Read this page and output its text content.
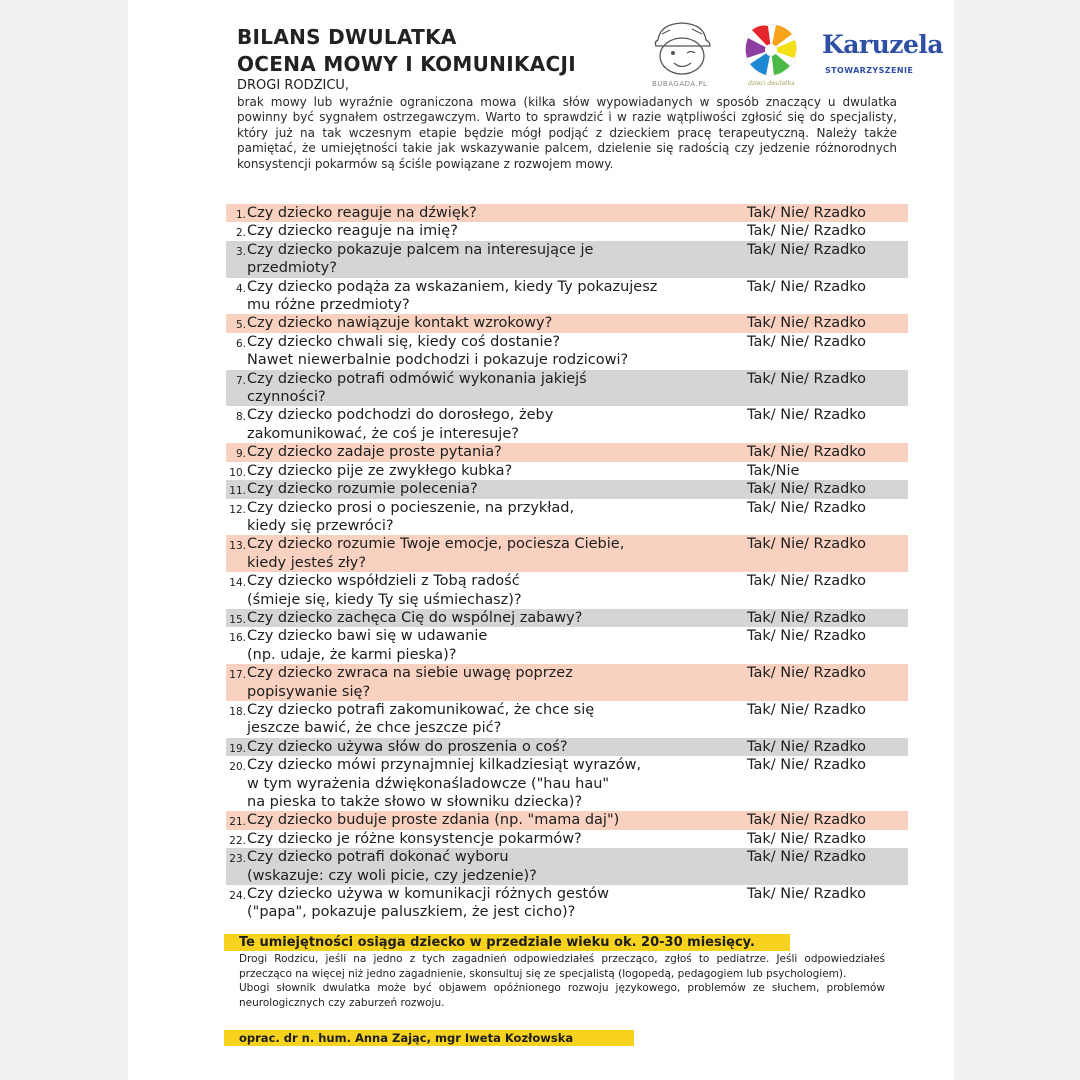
BILANS DWULATKA
OCENA MOWY I KOMUNIKACJI
DROGI RODZICU,
brak mowy lub wyraźnie ograniczona mowa (kilka słów wypowiadanych w sposób znaczący u dwulatka powinny być sygnałem ostrzegawczym. Warto to sprawdzić i w razie wątpliwości zgłosić się do specjalisty, który już na tak wczesnym etapie będzie mógł podjąć z dzieckiem pracę terapeutyczną. Należy także pamiętać, że umiejętności takie jak wskazywanie palcem, dzielenie się radością czy jedzenie różnorodnych konsystencji pokarmów są ściśle powiązane z rozwojem mowy.
BUBAGADA.PL	dzieci dwulatka
Karuzela
STOWARZYSZENIE
1. Czy dziecko reaguje na dźwięk?	Tak/ Nie/ Rzadko
2. Czy dziecko reaguje na imię?	Tak/ Nie/ Rzadko
3. Czy dziecko pokazuje palcem na interesujące je
przedmioty?
Tak/ Nie/ Rzadko
4. Czy dziecko podąża za wskazaniem, kiedy Ty pokazujesz
mu różne przedmioty?
Tak/ Nie/ Rzadko
5. Czy dziecko nawiązuje kontakt wzrokowy?	Tak/ Nie/ Rzadko
6. Czy dziecko chwali się, kiedy coś dostanie?
Nawet niewerbalnie podchodzi i pokazuje rodzicowi?
Tak/ Nie/ Rzadko
7. Czy dziecko potrafi odmówić wykonania jakiejś
czynności?
Tak/ Nie/ Rzadko
8. Czy dziecko podchodzi do dorosłego, żeby
zakomunikować, że coś je interesuje?
Tak/ Nie/ Rzadko
9. Czy dziecko zadaje proste pytania?	Tak/ Nie/ Rzadko
10. Czy dziecko pije ze zwykłego kubka?	Tak/Nie
11. Czy dziecko rozumie polecenia?	Tak/ Nie/ Rzadko
12. Czy dziecko prosi o pocieszenie, na przykład,
kiedy się przewróci?
Tak/ Nie/ Rzadko
13. Czy dziecko rozumie Twoje emocje, pociesza Ciebie,
kiedy jesteś zły?
Tak/ Nie/ Rzadko
14. Czy dziecko współdzieli z Tobą radość
(śmieje się, kiedy Ty się uśmiechasz)?
Tak/ Nie/ Rzadko
15. Czy dziecko zachęca Cię do wspólnej zabawy?	Tak/ Nie/ Rzadko
16. Czy dziecko bawi się w udawanie
(np. udaje, że karmi pieska)?
Tak/ Nie/ Rzadko
17. Czy dziecko zwraca na siebie uwagę poprzez
popisywanie się?
Tak/ Nie/ Rzadko
18. Czy dziecko potrafi zakomunikować, że chce się
jeszcze bawić, że chce jeszcze pić?
Tak/ Nie/ Rzadko
19. Czy dziecko używa słów do proszenia o coś?	Tak/ Nie/ Rzadko
20. Czy dziecko mówi przynajmniej kilkadziesiąt wyrazów,
w tym wyrażenia dźwiękonaśladowcze ("hau hau"
na pieska to także słowo w słowniku dziecka)?
Tak/ Nie/ Rzadko
21. Czy dziecko buduje proste zdania (np. "mama daj")	Tak/ Nie/ Rzadko
22. Czy dziecko je różne konsystencje pokarmów?	Tak/ Nie/ Rzadko
23. Czy dziecko potrafi dokonać wyboru
(wskazuje: czy woli picie, czy jedzenie)?
Tak/ Nie/ Rzadko
24. Czy dziecko używa w komunikacji różnych gestów
("papa", pokazuje paluszkiem, że jest cicho)?
Tak/ Nie/ Rzadko
Te umiejętności osiąga dziecko w przedziale wieku ok. 20-30 miesięcy.

Drogi Rodzicu, jeśli na jedno z tych zagadnień odpowiedziałeś przecząco, zgłoś to pediatrze. Jeśli odpowiedziałeś przecząco na więcej niż jedno zagadnienie, skonsultuj się ze specjalistą (logopedą, pedagogiem lub psychologiem).

Ubogi słownik dwulatka może być objawem opóźnionego rozwoju językowego, problemów ze słuchem, problemów neurologicznych czy zaburzeń rozwoju.

oprac. dr n. hum. Anna Zając, mgr Iweta Kozłowska
